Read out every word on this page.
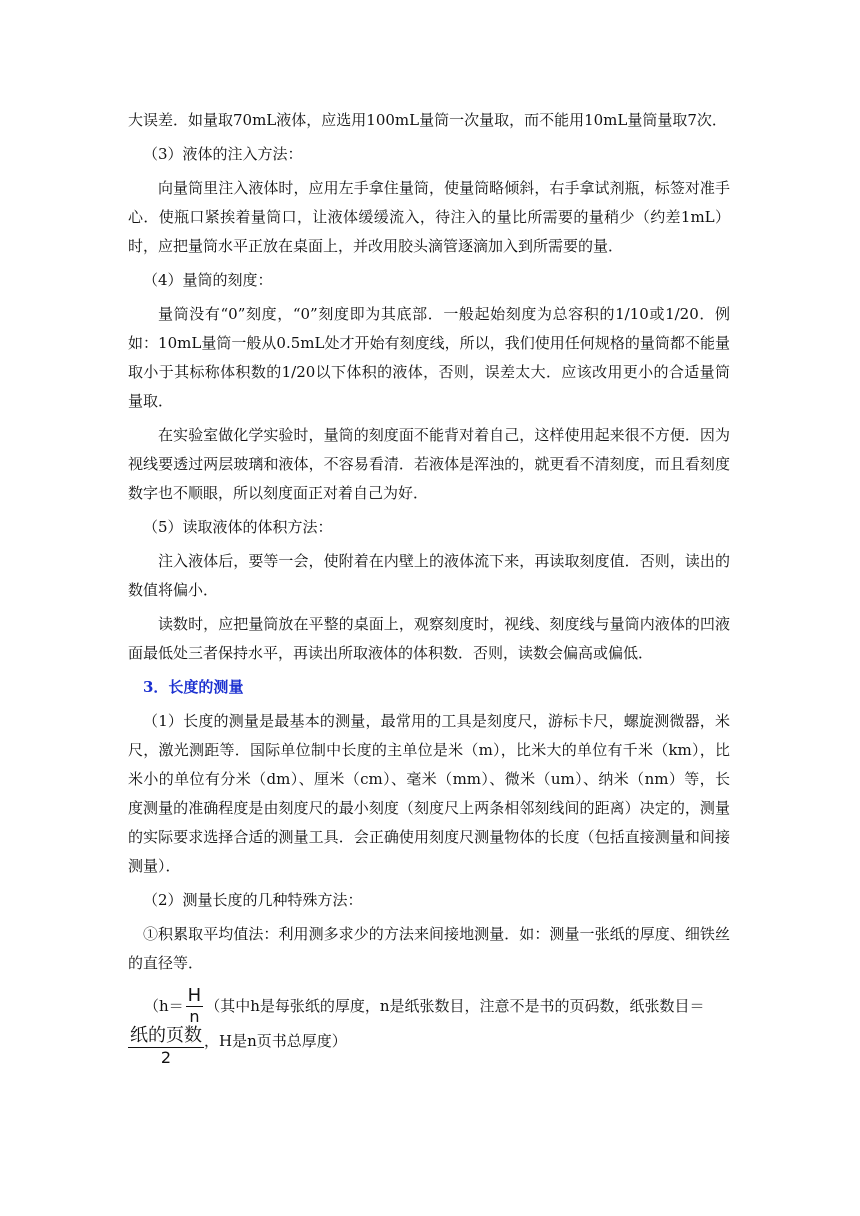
大误差．如量取70mL液体，应选用100mL量筒一次量取，而不能用10mL量筒量取7次．

（3）液体的注入方法：

向量筒里注入液体时，应用左手拿住量筒，使量筒略倾斜，右手拿试剂瓶，标签对准手心．使瓶口紧挨着量筒口，让液体缓缓流入，待注入的量比所需要的量稍少（约差1mL）时，应把量筒水平正放在桌面上，并改用胶头滴管逐滴加入到所需要的量．

（4）量筒的刻度：

量筒没有“0”刻度，“0”刻度即为其底部．一般起始刻度为总容积的1/10或1/20．例如：10mL量筒一般从0.5mL处才开始有刻度线，所以，我们使用任何规格的量筒都不能量取小于其标称体积数的1/20以下体积的液体，否则，误差太大．应该改用更小的合适量筒量取．

在实验室做化学实验时，量筒的刻度面不能背对着自己，这样使用起来很不方便．因为视线要透过两层玻璃和液体，不容易看清．若液体是浑浊的，就更看不清刻度，而且看刻度数字也不顺眼，所以刻度面正对着自己为好．

（5）读取液体的体积方法：

注入液体后，要等一会，使附着在内壁上的液体流下来，再读取刻度值．否则，读出的数值将偏小．

读数时，应把量筒放在平整的桌面上，观察刻度时，视线、刻度线与量筒内液体的凹液面最低处三者保持水平，再读出所取液体的体积数．否则，读数会偏高或偏低．

3．长度的测量

（1）长度的测量是最基本的测量，最常用的工具是刻度尺，游标卡尺，螺旋测微器，米尺，激光测距等．国际单位制中长度的主单位是米（m），比米大的单位有千米（km），比米小的单位有分米（dm）、厘米（cm）、毫米（mm）、微米（um）、纳米（nm）等，长度测量的准确程度是由刻度尺的最小刻度（刻度尺上两条相邻刻线间的距离）决定的，测量的实际要求选择合适的测量工具．会正确使用刻度尺测量物体的长度（包括直接测量和间接测量）．

（2）测量长度的几种特殊方法：

①积累取平均值法：利用测多求少的方法来间接地测量．如：测量一张纸的厚度、细铁丝的直径等．

（$h= \frac{H}{n}$ （其中h是每张纸的厚度，n是纸张数目，注意不是书的页码数，纸张数目＝
$\frac{\text{纸的页数}}{2}$ ，H是n页书总厚度）
